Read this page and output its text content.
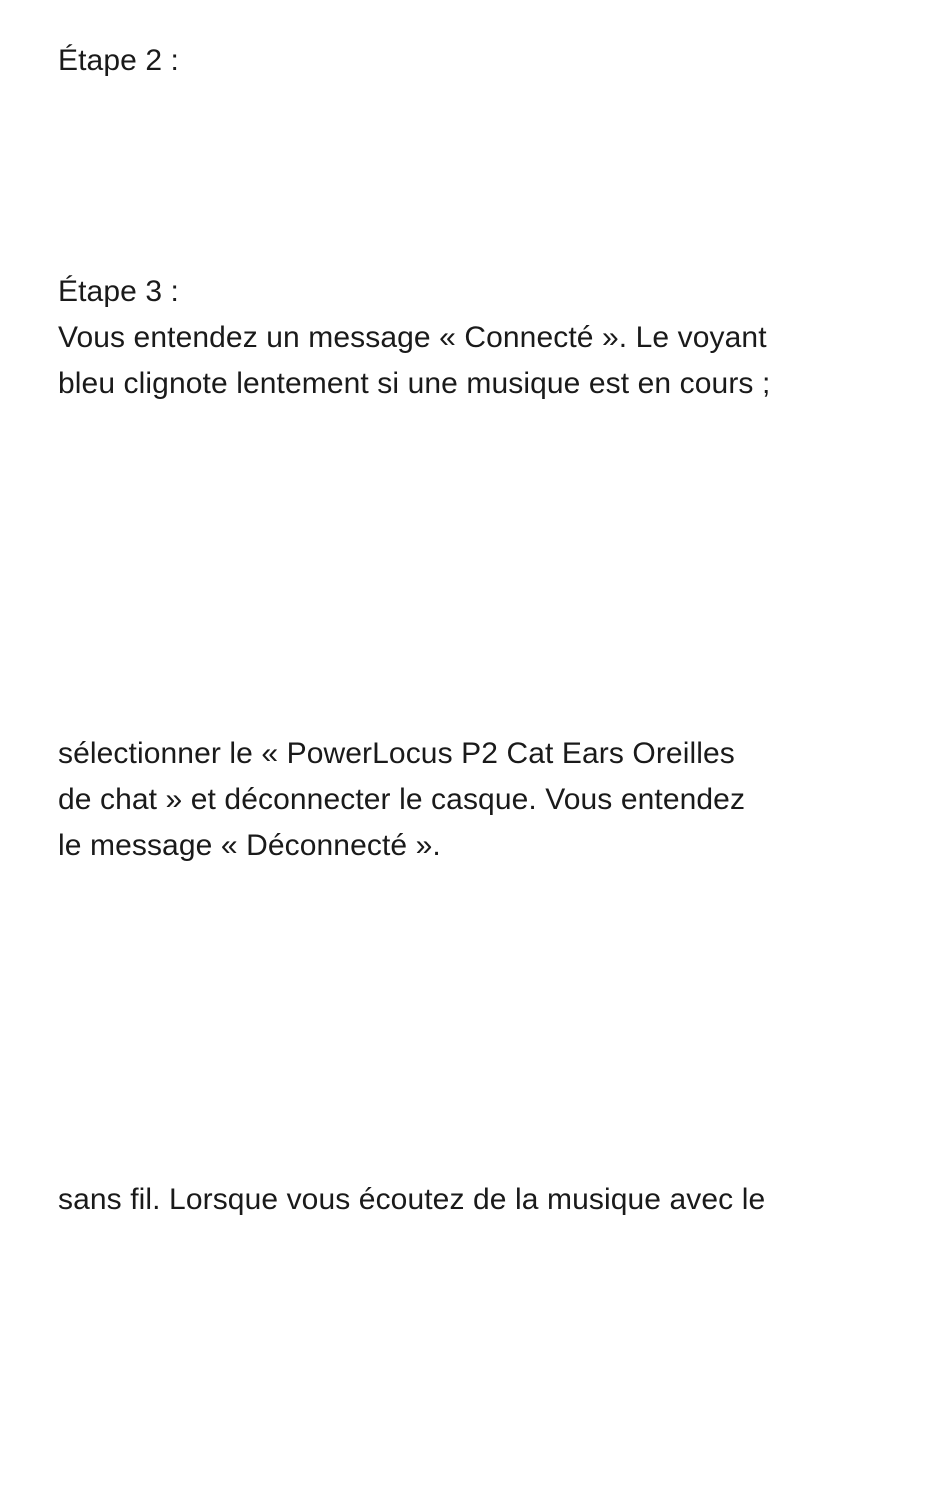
Étape 2 :
Étape 3 :
Vous entendez un message « Connecté ». Le voyant
bleu clignote lentement si une musique est en cours ;
sélectionner le « PowerLocus P2 Cat Ears Oreilles
de chat » et déconnecter le casque. Vous entendez
le message « Déconnecté ».
sans fil. Lorsque vous écoutez de la musique avec le
